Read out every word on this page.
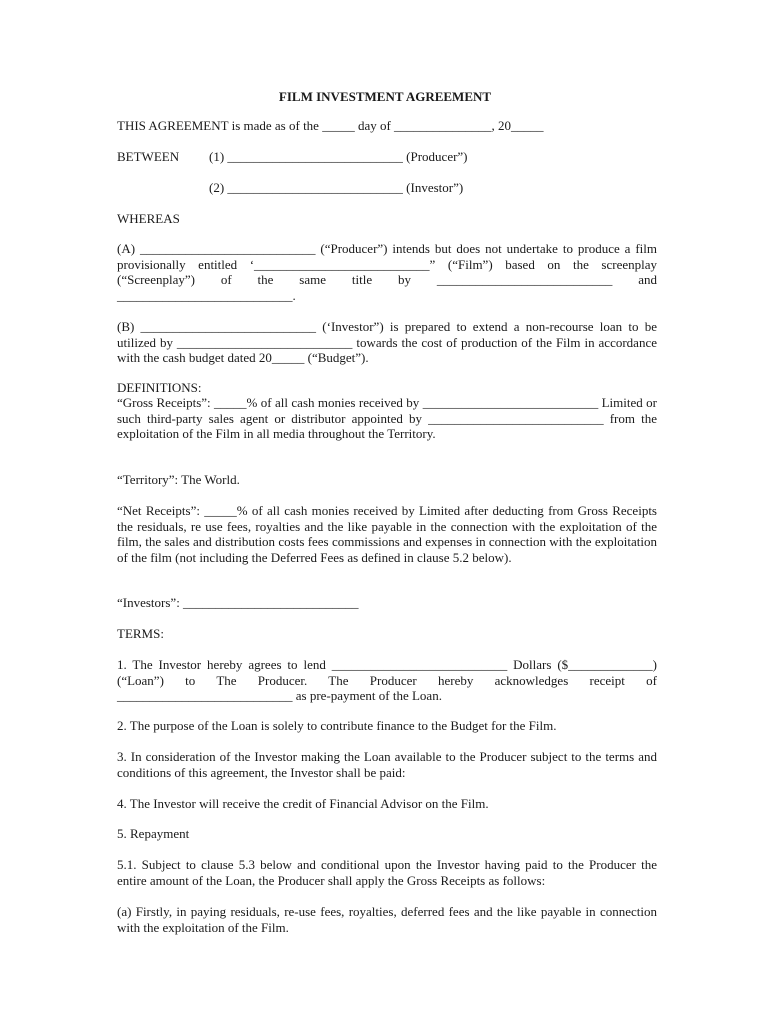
FILM INVESTMENT AGREEMENT
THIS AGREEMENT is made as of the _____ day of _______________, 20_____
BETWEEN (1) ___________________________ (Producer”)
(2) ___________________________ (Investor”)
WHEREAS
(A) ___________________________ (“Producer”) intends but does not undertake to produce a film provisionally entitled ‘___________________________” (“Film”) based on the screenplay (“Screenplay”) of the same title by ___________________________ and ___________________________.
(B) ___________________________ (‘Investor”) is prepared to extend a non-recourse loan to be utilized by ___________________________ towards the cost of production of the Film in accordance with the cash budget dated 20_____ (“Budget”).
DEFINITIONS:
“Gross Receipts”: _____% of all cash monies received by ___________________________ Limited or such third-party sales agent or distributor appointed by ___________________________ from the exploitation of the Film in all media throughout the Territory.
“Territory”: The World.
“Net Receipts”: _____% of all cash monies received by Limited after deducting from Gross Receipts the residuals, re use fees, royalties and the like payable in the connection with the exploitation of the film, the sales and distribution costs fees commissions and expenses in connection with the exploitation of the film (not including the Deferred Fees as defined in clause 5.2 below).
“Investors”: ___________________________
TERMS:
1. The Investor hereby agrees to lend ___________________________ Dollars ($_____________) (“Loan”) to The Producer. The Producer hereby acknowledges receipt of ___________________________ as pre-payment of the Loan.
2. The purpose of the Loan is solely to contribute finance to the Budget for the Film.
3. In consideration of the Investor making the Loan available to the Producer subject to the terms and conditions of this agreement, the Investor shall be paid:
4. The Investor will receive the credit of Financial Advisor on the Film.
5. Repayment
5.1. Subject to clause 5.3 below and conditional upon the Investor having paid to the Producer the entire amount of the Loan, the Producer shall apply the Gross Receipts as follows:
(a) Firstly, in paying residuals, re-use fees, royalties, deferred fees and the like payable in connection with the exploitation of the Film.
